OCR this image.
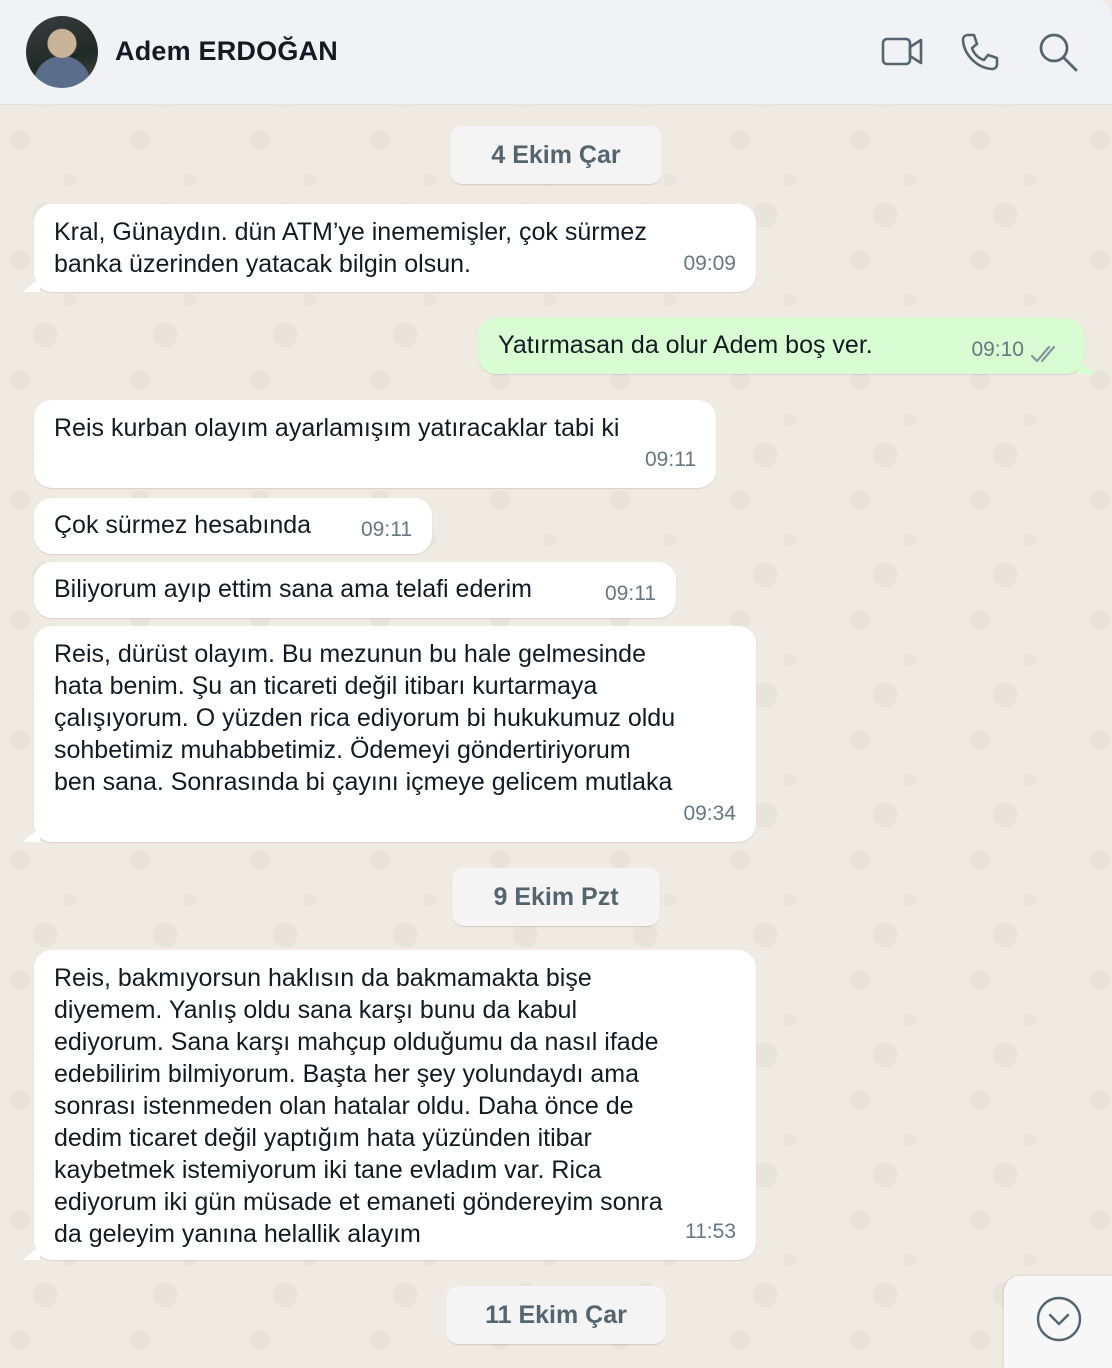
Adem ERDOĞAN
4 Ekim Çar
Kral, Günaydın. dün ATM’ye inememişler, çok sürmez
banka üzerinden yatacak bilgin olsun.	09:09
Yatırmasan da olur Adem boş ver.	09:10
Reis kurban olayım ayarlamışım yatıracaklar tabi ki
09:11
Çok sürmez hesabında 09:11
Biliyorum ayıp ettim sana ama telafi ederim	09:11
Reis, dürüst olayım. Bu mezunun bu hale gelmesinde
hata benim. Şu an ticareti değil itibarı kurtarmaya
çalışıyorum. O yüzden rica ediyorum bi hukukumuz oldu
sohbetimiz muhabbetimiz. Ödemeyi göndertiriyorum
ben sana. Sonrasında bi çayını içmeye gelicem mutlaka
09:34
9 Ekim Pzt
Reis, bakmıyorsun haklısın da bakmamakta bişe
diyemem. Yanlış oldu sana karşı bunu da kabul
ediyorum. Sana karşı mahçup olduğumu da nasıl ifade
edebilirim bilmiyorum. Başta her şey yolundaydı ama
sonrası istenmeden olan hatalar oldu. Daha önce de
dedim ticaret değil yaptığım hata yüzünden itibar
kaybetmek istemiyorum iki tane evladım var. Rica
ediyorum iki gün müsade et emaneti göndereyim sonra
da geleyim yanına helallik alayım	11:53
11 Ekim Çar
